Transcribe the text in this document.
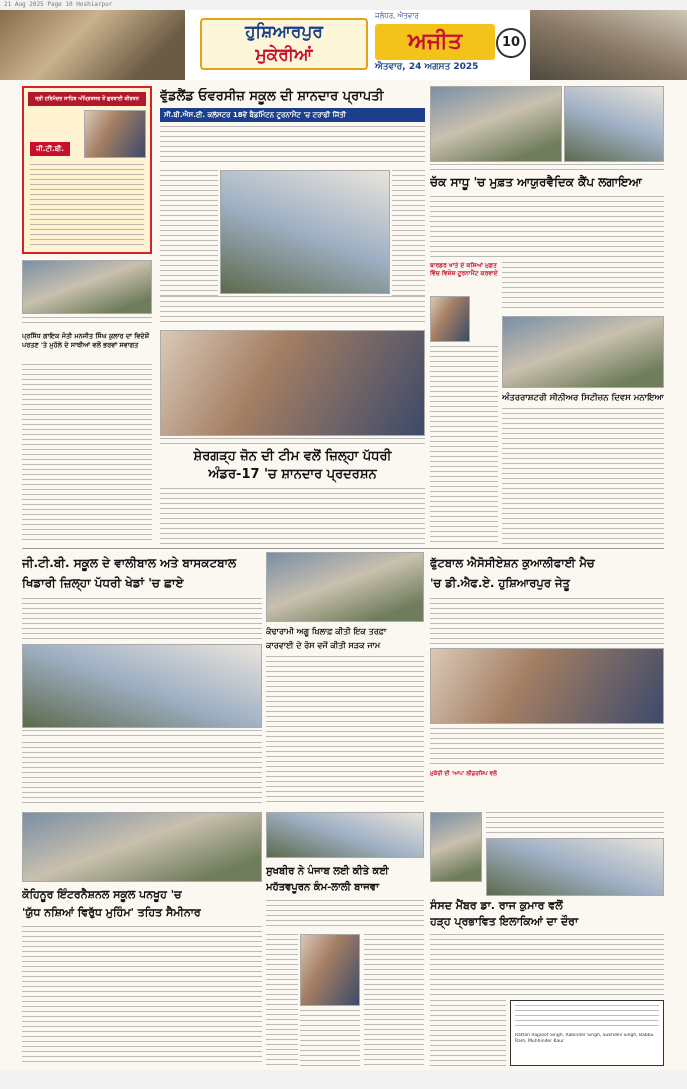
21 Aug 2025 Page 10 Hoshiarpur
ਹੁਸ਼ਿਆਰਪੁਰ
ਮੁਕੇਰੀਆਂ
ਅਜੀਤ
ਜਲੰਧਰ, ਐਤਵਾਰ
ਐਤਵਾਰ, 24 ਅਗਸਤ 2025
10
ਸ੍ਰੀ ਹਰਿਮੰਦਰ ਸਾਹਿਬ ਅੰਮ੍ਰਿਤਸਰ ਤੋਂ ਗੁਰਬਾਣੀ ਕੀਰਤਨ
ਜੀ.ਟੀ.ਬੀ.
ਪ੍ਰਸਿੱਧ ਗਾਇਕ ਜੋਤੀ ਮਨਜੀਤ ਸਿੰਘ ਕੁਲਾਰ ਦਾ ਵਿਦੇਸ਼ੋਂ ਪਰਤਣ 'ਤੇ ਮੁਹੱਲੇ ਦੇ ਸਾਥੀਆਂ ਵਲੋਂ ਭਰਵਾਂ ਸਵਾਗਤ
ਵੁੱਡਲੈਂਡ ਓਵਰਸੀਜ਼ ਸਕੂਲ ਦੀ ਸ਼ਾਨਦਾਰ ਪ੍ਰਾਪਤੀ
ਸੀ.ਬੀ.ਐਸ.ਈ. ਕਲੱਸਟਰ 18ਵੇਂ ਬੈਡਮਿੰਟਨ ਟੂਰਨਾਮੈਂਟ 'ਚ ਟਰਾਫੀ ਜਿੱਤੀ
ਸ਼ੇਰਗੜ੍ਹ ਜ਼ੋਨ ਦੀ ਟੀਮ ਵਲੋਂ ਜ਼ਿਲ੍ਹਾ ਪੱਧਰੀ
ਅੰਡਰ-17 'ਚ ਸ਼ਾਨਦਾਰ ਪ੍ਰਦਰਸ਼ਨ
ਚੱਕ ਸਾਧੂ 'ਚ ਮੁਫ਼ਤ ਆਯੁਰਵੈਦਿਕ ਕੈਂਪ ਲਗਾਇਆ
ਬਾਰਡਰ ਖਾਤੇ ਦੇ ਕਸ਼ਿਆਂ ਮੁਫ਼ਤ ਵਿੱਚ ਵਿਸ਼ੇਸ਼ ਟੂਰਨਾਮੈਂਟ ਕਰਵਾਏ
ਅੰਤਰਰਾਸ਼ਟਰੀ ਸੀਨੀਅਰ ਸਿਟੀਜ਼ਨ ਦਿਵਸ ਮਨਾਇਆ
ਜੀ.ਟੀ.ਬੀ. ਸਕੂਲ ਦੇ ਵਾਲੀਬਾਲ ਅਤੇ ਬਾਸਕਟਬਾਲ
ਖਿਡਾਰੀ ਜ਼ਿਲ੍ਹਾ ਪੱਧਰੀ ਖੇਡਾਂ 'ਚ ਛਾਏ
ਕੰਢਾਰਾਮੀ ਅਗੂ ਖ਼ਿਲਾਫ਼ ਕੀਤੀ ਇਕ ਤਰਫ਼ਾ
ਕਾਰਵਾਈ ਦੇ ਰੋਸ ਵਜੋਂ ਕੀਤੀ ਸੜਕ ਜਾਮ
ਫੁੱਟਬਾਲ ਐਸੋਸੀਏਸ਼ਨ ਕੁਆਲੀਫਾਈ ਮੈਚ
'ਚ ਡੀ.ਐਫ.ਏ. ਹੁਸ਼ਿਆਰਪੁਰ ਜੇਤੂ
ਮੁਕੇਰੀ ਦੀ 'ਆਪ' ਲੀਡਰਸ਼ਿਪ ਵਲੋਂ
ਕੋਹਿਨੂਰ ਇੰਟਰਨੈਸ਼ਨਲ ਸਕੂਲ ਪਨਖੂਹ 'ਚ
'ਯੁੱਧ ਨਸ਼ਿਆਂ ਵਿਰੁੱਧ ਮੁਹਿੰਮ' ਤਹਿਤ ਸੈਮੀਨਾਰ
ਸੁਖਬੀਰ ਨੇ ਪੰਜਾਬ ਲਈ ਕੀਤੇ ਕਈ
ਮਹੱਤਵਪੂਰਨ ਕੰਮ-ਲਾਲੀ ਬਾਜਵਾ
ਸੰਸਦ ਮੈਂਬਰ ਡਾ. ਰਾਜ ਕੁਮਾਰ ਵਲੋਂ
ਹੜ੍ਹ ਪ੍ਰਭਾਵਿਤ ਇਲਾਕਿਆਂ ਦਾ ਦੌਰਾ
Rattan Rajpoot Singh, Rabinder Singh, Sukhdev Singh, Babbu Ram, Muhhinder Kaur
